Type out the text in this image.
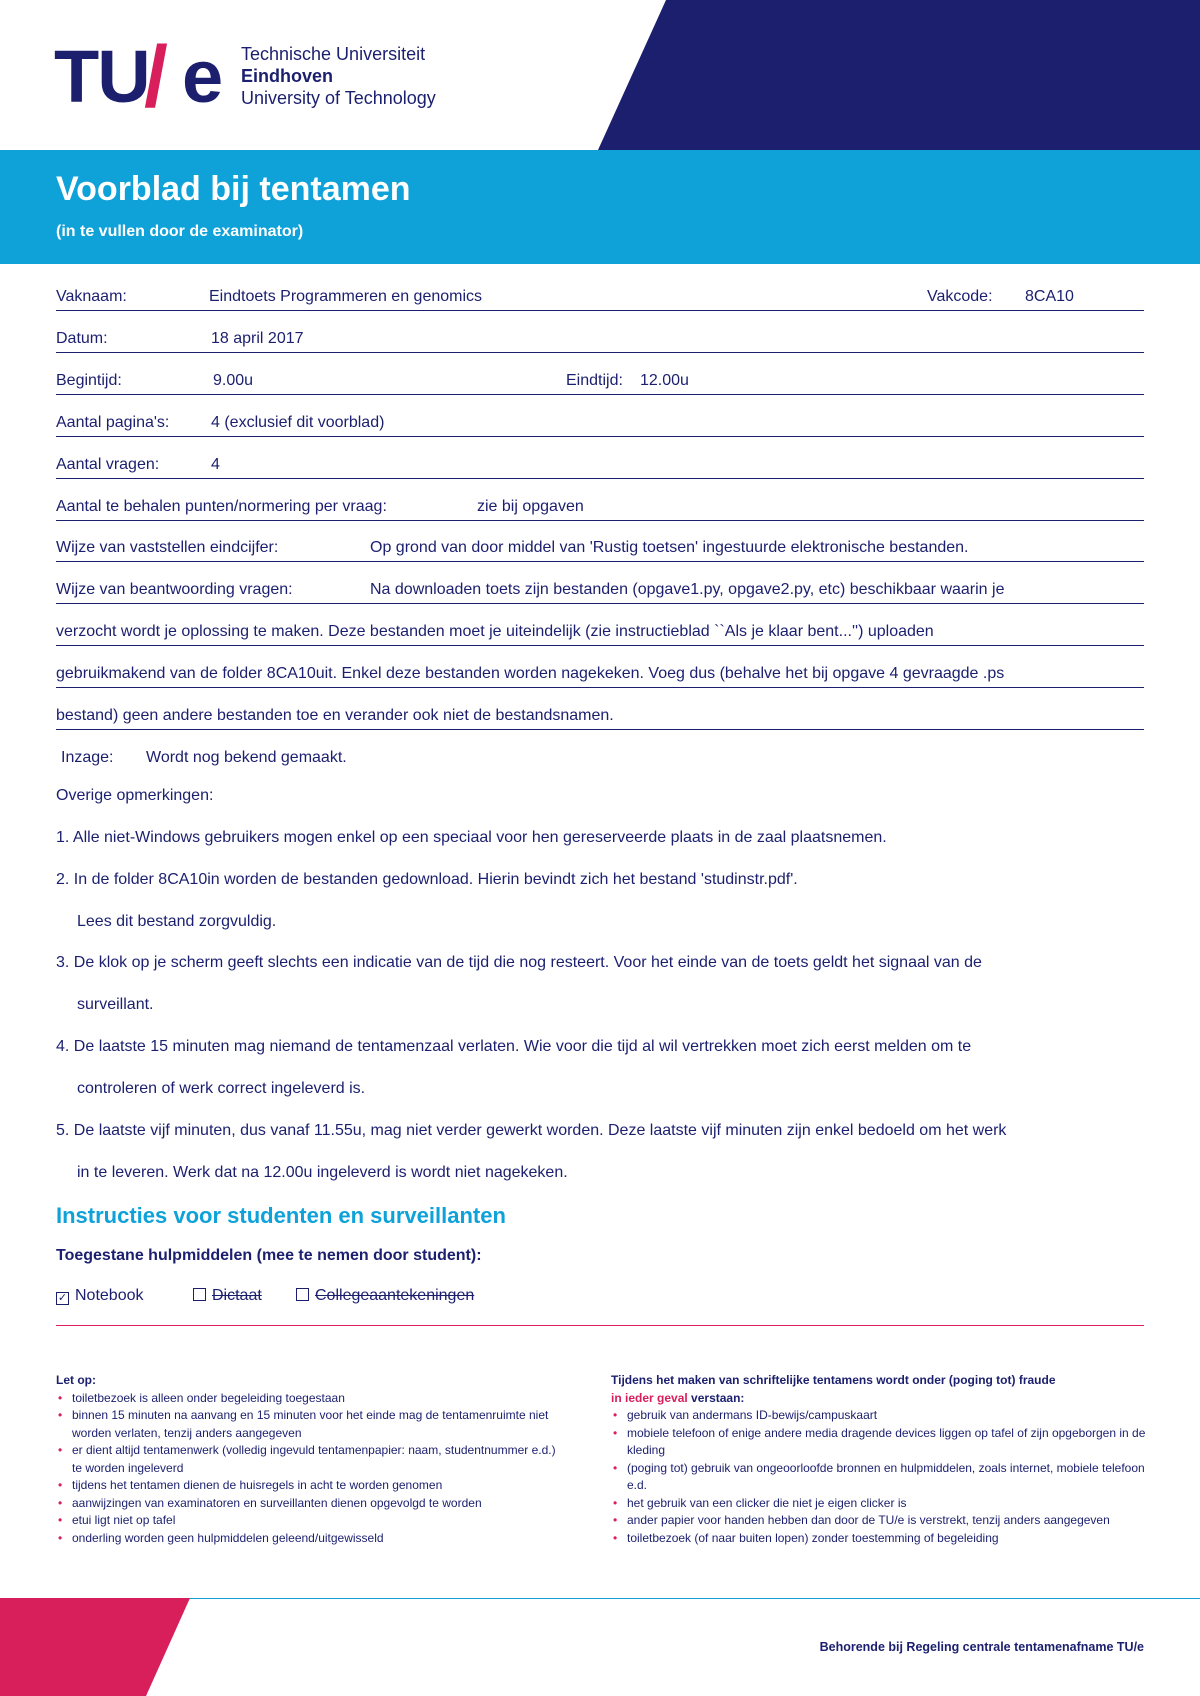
TU
/ e Technische Universiteit
Eindhoven
University of Technology
Voorblad bij tentamen
(in te vullen door de examinator)
Vaknaam:	Eindtoets Programmeren en genomics	Vakcode: 8CA10
Datum:	18 april 2017
Begintijd:	9.00u	Eindtijd: 12.00u
Aantal pagina's:	4 (exclusief dit voorblad)
Aantal vragen:	4
Aantal te behalen punten/normering per vraag:	zie bij opgaven
Wijze van vaststellen eindcijfer:	Op grond van door middel van 'Rustig toetsen' ingestuurde elektronische bestanden.
Wijze van beantwoording vragen:	Na downloaden toets zijn bestanden (opgave1.py, opgave2.py, etc) beschikbaar waarin je
verzocht wordt je oplossing te maken. Deze bestanden moet je uiteindelijk (zie instructieblad ``Als je klaar bent...'') uploaden
gebruikmakend van de folder 8CA10uit. Enkel deze bestanden worden nagekeken. Voeg dus (behalve het bij opgave 4 gevraagde .ps
bestand) geen andere bestanden toe en verander ook niet de bestandsnamen.
Inzage: Wordt nog bekend gemaakt.
Overige opmerkingen:
1. Alle niet-Windows gebruikers mogen enkel op een speciaal voor hen gereserveerde plaats in de zaal plaatsnemen.
2. In de folder 8CA10in worden de bestanden gedownload. Hierin bevindt zich het bestand 'studinstr.pdf'.
Lees dit bestand zorgvuldig.
3. De klok op je scherm geeft slechts een indicatie van de tijd die nog resteert. Voor het einde van de toets geldt het signaal van de
surveillant.
4. De laatste 15 minuten mag niemand de tentamenzaal verlaten. Wie voor die tijd al wil vertrekken moet zich eerst melden om te
controleren of werk correct ingeleverd is.
5. De laatste vijf minuten, dus vanaf 11.55u, mag niet verder gewerkt worden. Deze laatste vijf minuten zijn enkel bedoeld om het werk
in te leveren. Werk dat na 12.00u ingeleverd is wordt niet nagekeken.
Instructies voor studenten en surveillanten
Toegestane hulpmiddelen (mee te nemen door student):
✓ Notebook	Dictaat	Collegeaantekeningen
Let op:
• toiletbezoek is alleen onder begeleiding toegestaan
• binnen 15 minuten na aanvang en 15 minuten voor het einde mag de tentamenruimte niet worden verlaten, tenzij anders aangegeven
• er dient altijd tentamenwerk (volledig ingevuld tentamenpapier: naam, studentnummer e.d.) te worden ingeleverd
• tijdens het tentamen dienen de huisregels in acht te worden genomen
• aanwijzingen van examinatoren en surveillanten dienen opgevolgd te worden
• etui ligt niet op tafel
• onderling worden geen hulpmiddelen geleend/uitgewisseld
Tijdens het maken van schriftelijke tentamens wordt onder (poging tot) fraude
in ieder geval verstaan:
• gebruik van andermans ID-bewijs/campuskaart
• mobiele telefoon of enige andere media dragende devices liggen op tafel of zijn opgeborgen in de kleding
• (poging tot) gebruik van ongeoorloofde bronnen en hulpmiddelen, zoals internet, mobiele telefoon e.d.
• het gebruik van een clicker die niet je eigen clicker is
• ander papier voor handen hebben dan door de TU/e is verstrekt, tenzij anders aangegeven
• toiletbezoek (of naar buiten lopen) zonder toestemming of begeleiding
Behorende bij Regeling centrale tentamenafname TU/e
